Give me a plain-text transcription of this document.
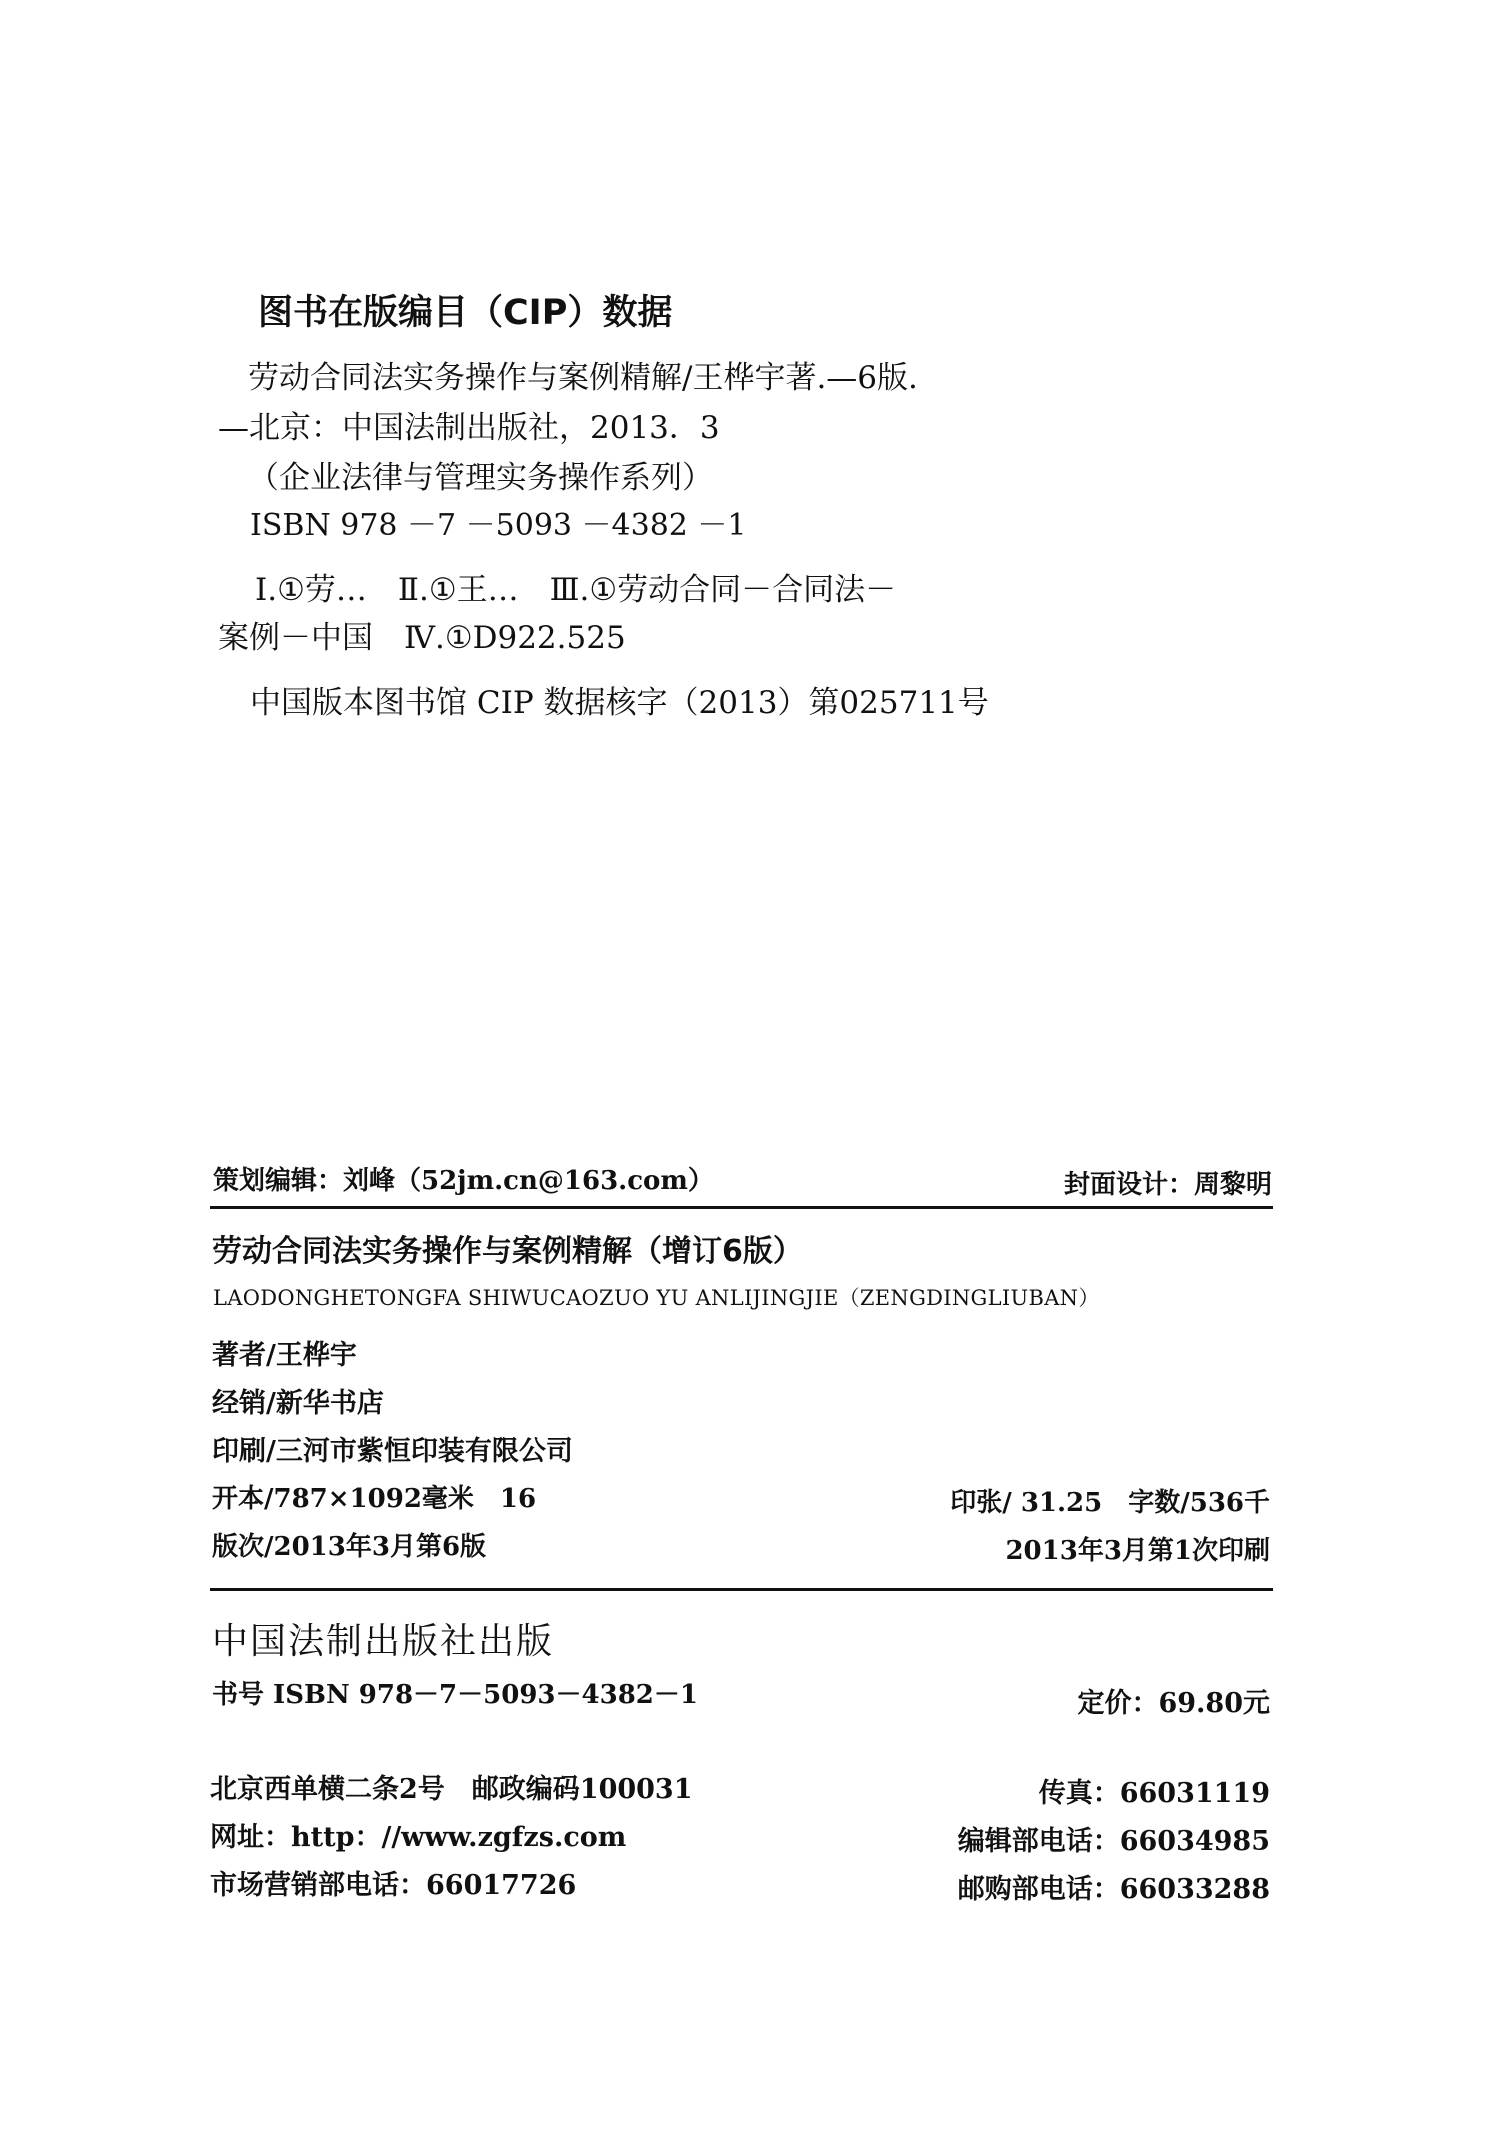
图书在版编目（CIP）数据
劳动合同法实务操作与案例精解/王桦宇著.—6版.
—北京：中国法制出版社，2013．3
（企业法律与管理实务操作系列）
ISBN 978 －7 －5093 －4382 －1
Ⅰ.①劳…　Ⅱ.①王…　Ⅲ.①劳动合同－合同法－
案例－中国　Ⅳ.①D922.525
中国版本图书馆 CIP 数据核字（2013）第025711号
策划编辑：刘峰（52jm.cn@163.com）	封面设计：周黎明
劳动合同法实务操作与案例精解（增订6版）
LAODONGHETONGFA SHIWUCAOZUO YU ANLIJINGJIE（ZENGDINGLIUBAN）
著者/王桦宇
经销/新华书店
印刷/三河市紫恒印装有限公司
开本/787×1092毫米　16	印张/ 31.25　字数/536千
版次/2013年3月第6版	2013年3月第1次印刷
中国法制出版社出版
书号 ISBN 978－7－5093－4382－1	定价：69.80元
北京西单横二条2号　邮政编码100031	传真：66031119
网址：http：//www.zgfzs.com	编辑部电话：66034985
市场营销部电话：66017726	邮购部电话：66033288
